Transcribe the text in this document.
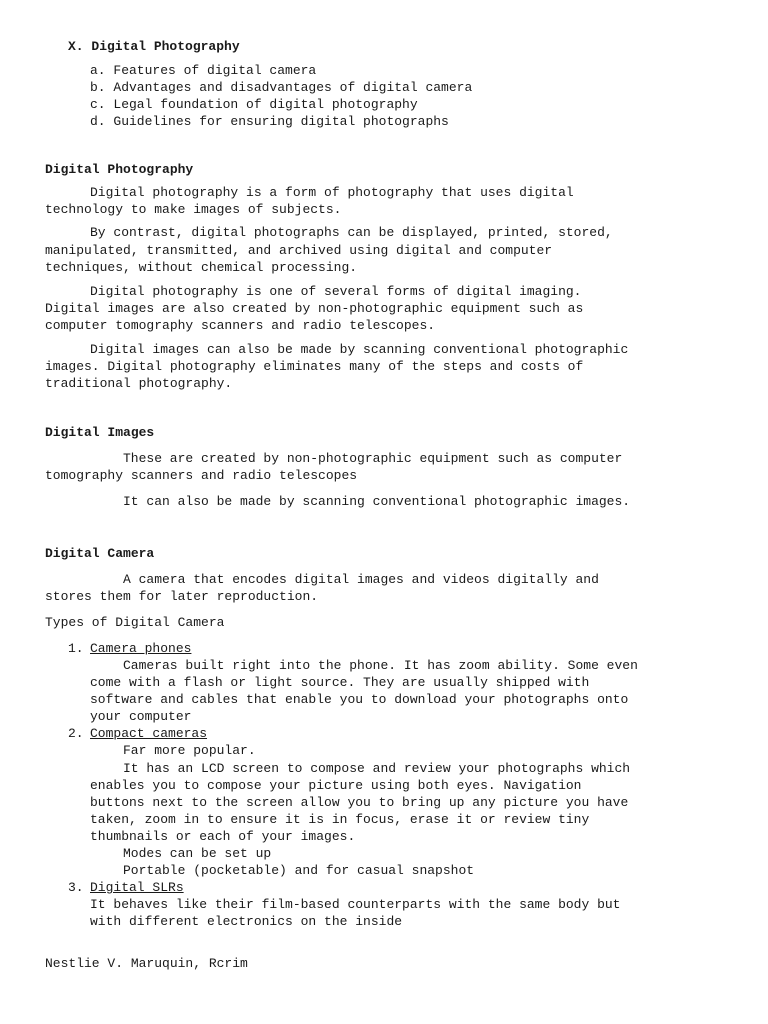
X. Digital Photography
a. Features of digital camera
b. Advantages and disadvantages of digital camera
c. Legal foundation of digital photography
d. Guidelines for ensuring digital photographs
Digital Photography
Digital photography is a form of photography that uses digital
technology to make images of subjects.
By contrast, digital photographs can be displayed, printed, stored,
manipulated, transmitted, and archived using digital and computer
techniques, without chemical processing.
Digital photography is one of several forms of digital imaging.
Digital images are also created by non-photographic equipment such as
computer tomography scanners and radio telescopes.
Digital images can also be made by scanning conventional photographic
images. Digital photography eliminates many of the steps and costs of
traditional photography.
Digital Images
These are created by non-photographic equipment such as computer
tomography scanners and radio telescopes
It can also be made by scanning conventional photographic images.
Digital Camera
A camera that encodes digital images and videos digitally and
stores them for later reproduction.
Types of Digital Camera
1. Camera phones
Cameras built right into the phone. It has zoom ability. Some even
come with a flash or light source. They are usually shipped with
software and cables that enable you to download your photographs onto
your computer
2. Compact cameras
Far more popular.
It has an LCD screen to compose and review your photographs which
enables you to compose your picture using both eyes. Navigation
buttons next to the screen allow you to bring up any picture you have
taken, zoom in to ensure it is in focus, erase it or review tiny
thumbnails or each of your images.
Modes can be set up
Portable (pocketable) and for casual snapshot
3. Digital SLRs
It behaves like their film-based counterparts with the same body but
with different electronics on the inside
Nestlie V. Maruquin, Rcrim
